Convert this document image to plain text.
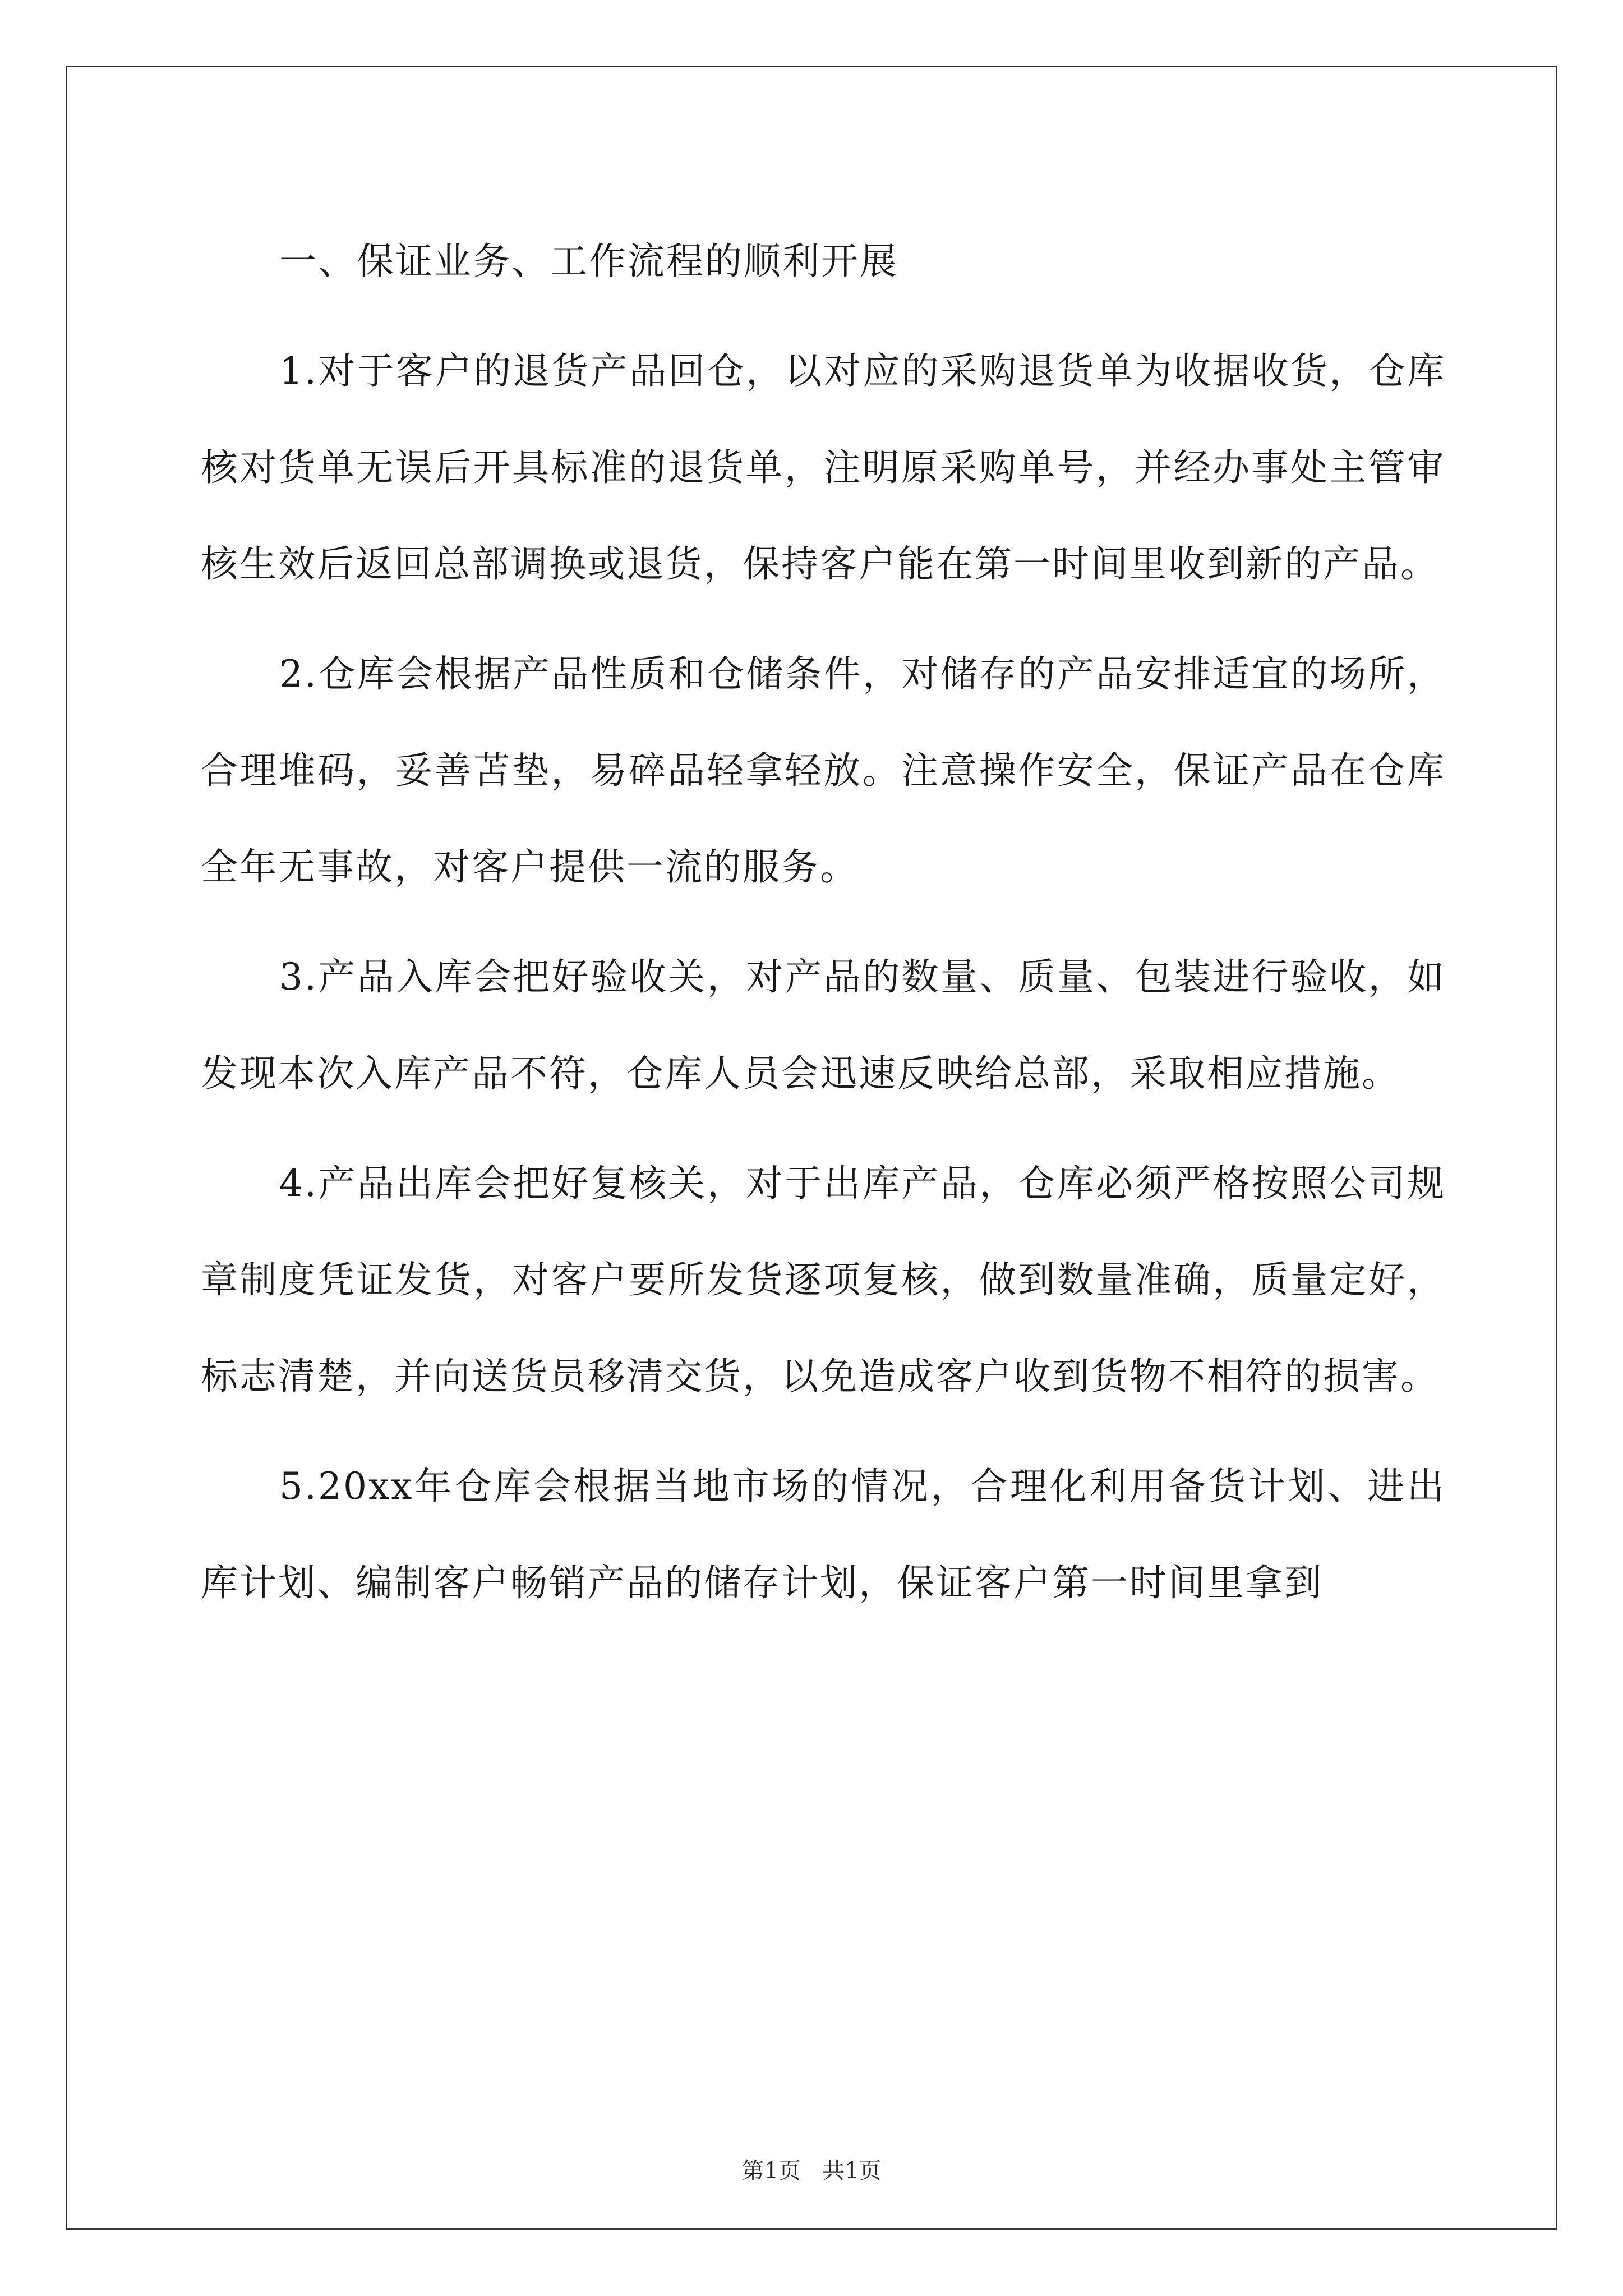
一、保证业务、工作流程的顺利开展

1.对于客户的退货产品回仓，以对应的采购退货单为收据收货，仓库核对货单无误后开具标准的退货单，注明原采购单号，并经办事处主管审核生效后返回总部调换或退货，保持客户能在第一时间里收到新的产品。

2.仓库会根据产品性质和仓储条件，对储存的产品安排适宜的场所，合理堆码，妥善苫垫，易碎品轻拿轻放。注意操作安全，保证产品在仓库全年无事故，对客户提供一流的服务。

3.产品入库会把好验收关，对产品的数量、质量、包装进行验收，如发现本次入库产品不符，仓库人员会迅速反映给总部，采取相应措施。

4.产品出库会把好复核关，对于出库产品，仓库必须严格按照公司规章制度凭证发货，对客户要所发货逐项复核，做到数量准确，质量定好，标志清楚，并向送货员移清交货，以免造成客户收到货物不相符的损害。

5.20xx年仓库会根据当地市场的情况，合理化利用备货计划、进出库计划、编制客户畅销产品的储存计划，保证客户第一时间里拿到

第1页 共1页
